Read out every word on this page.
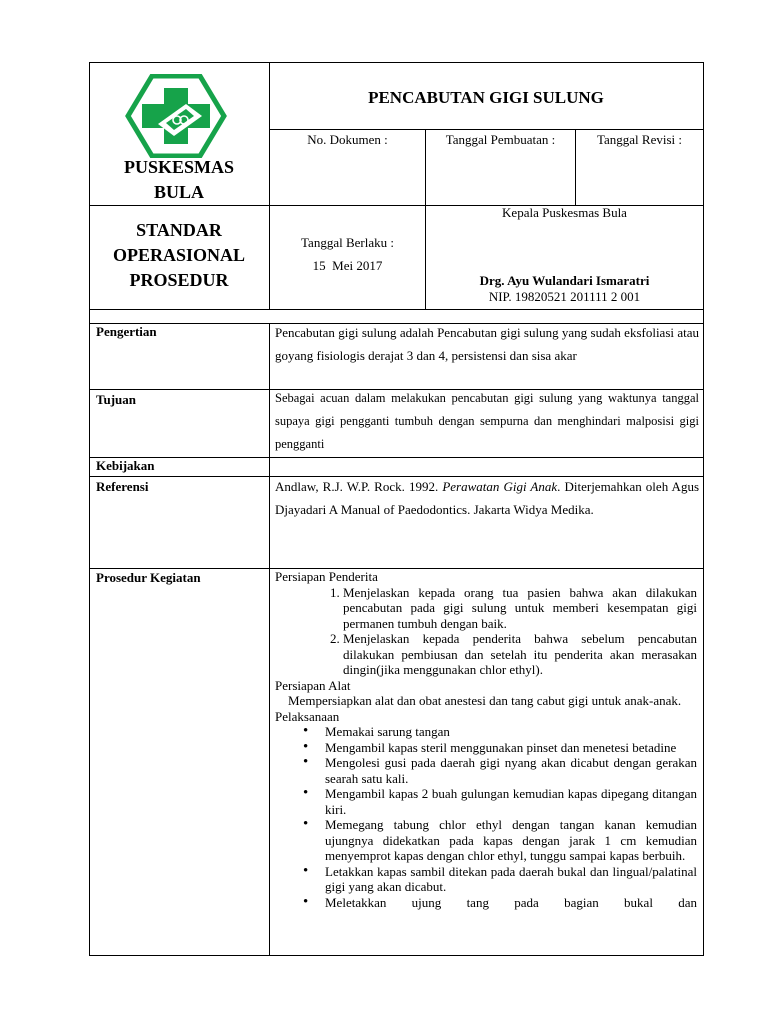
PENCABUTAN GIGI SULUNG
PUSKESMAS
BULA
STANDAR
OPERASIONAL
PROSEDUR
No. Dokumen :	Tanggal Pembuatan :	Tanggal Revisi :
Tanggal Berlaku :
15  Mei 2017
Kepala Puskesmas Bula
Drg. Ayu Wulandari Ismaratri
NIP. 19820521 201111 2 001
Pengertian	Pencabutan gigi sulung adalah Pencabutan gigi sulung yang sudah eksfoliasi atau goyang fisiologis derajat 3 dan 4, persistensi dan sisa akar
Tujuan	Sebagai acuan dalam melakukan pencabutan gigi sulung yang waktunya tanggal supaya gigi pengganti tumbuh dengan sempurna dan menghindari malposisi gigi pengganti
Kebijakan
Referensi	Andlaw, R.J. W.P. Rock. 1992. Perawatan Gigi Anak. Diterjemahkan oleh Agus Djayadari A Manual of Paedodontics. Jakarta Widya Medika.
Prosedur Kegiatan	Persiapan Penderita

1. Menjelaskan kepada orang tua pasien bahwa akan dilakukan pencabutan pada gigi sulung untuk memberi kesempatan gigi permanen tumbuh dengan baik.
2. Menjelaskan kepada penderita bahwa sebelum pencabutan dilakukan pembiusan dan setelah itu penderita akan merasakan dingin(jika menggunakan chlor ethyl).

Persiapan Alat

Mempersiapkan alat dan obat anestesi dan tang cabut gigi untuk anak-anak.

Pelaksanaan

• Memakai sarung tangan
• Mengambil kapas steril menggunakan pinset dan menetesi betadine
• Mengolesi gusi pada daerah gigi nyang akan dicabut dengan gerakan searah satu kali.
• Mengambil kapas 2 buah gulungan kemudian kapas dipegang ditangan kiri.
• Memegang tabung chlor ethyl dengan tangan kanan kemudian ujungnya didekatkan pada kapas dengan jarak 1 cm kemudian menyemprot kapas dengan chlor ethyl, tunggu sampai kapas berbuih.
• Letakkan kapas sambil ditekan pada daerah bukal dan lingual/palatinal gigi yang akan dicabut.
• Meletakkan ujung tang pada bagian bukal dan
